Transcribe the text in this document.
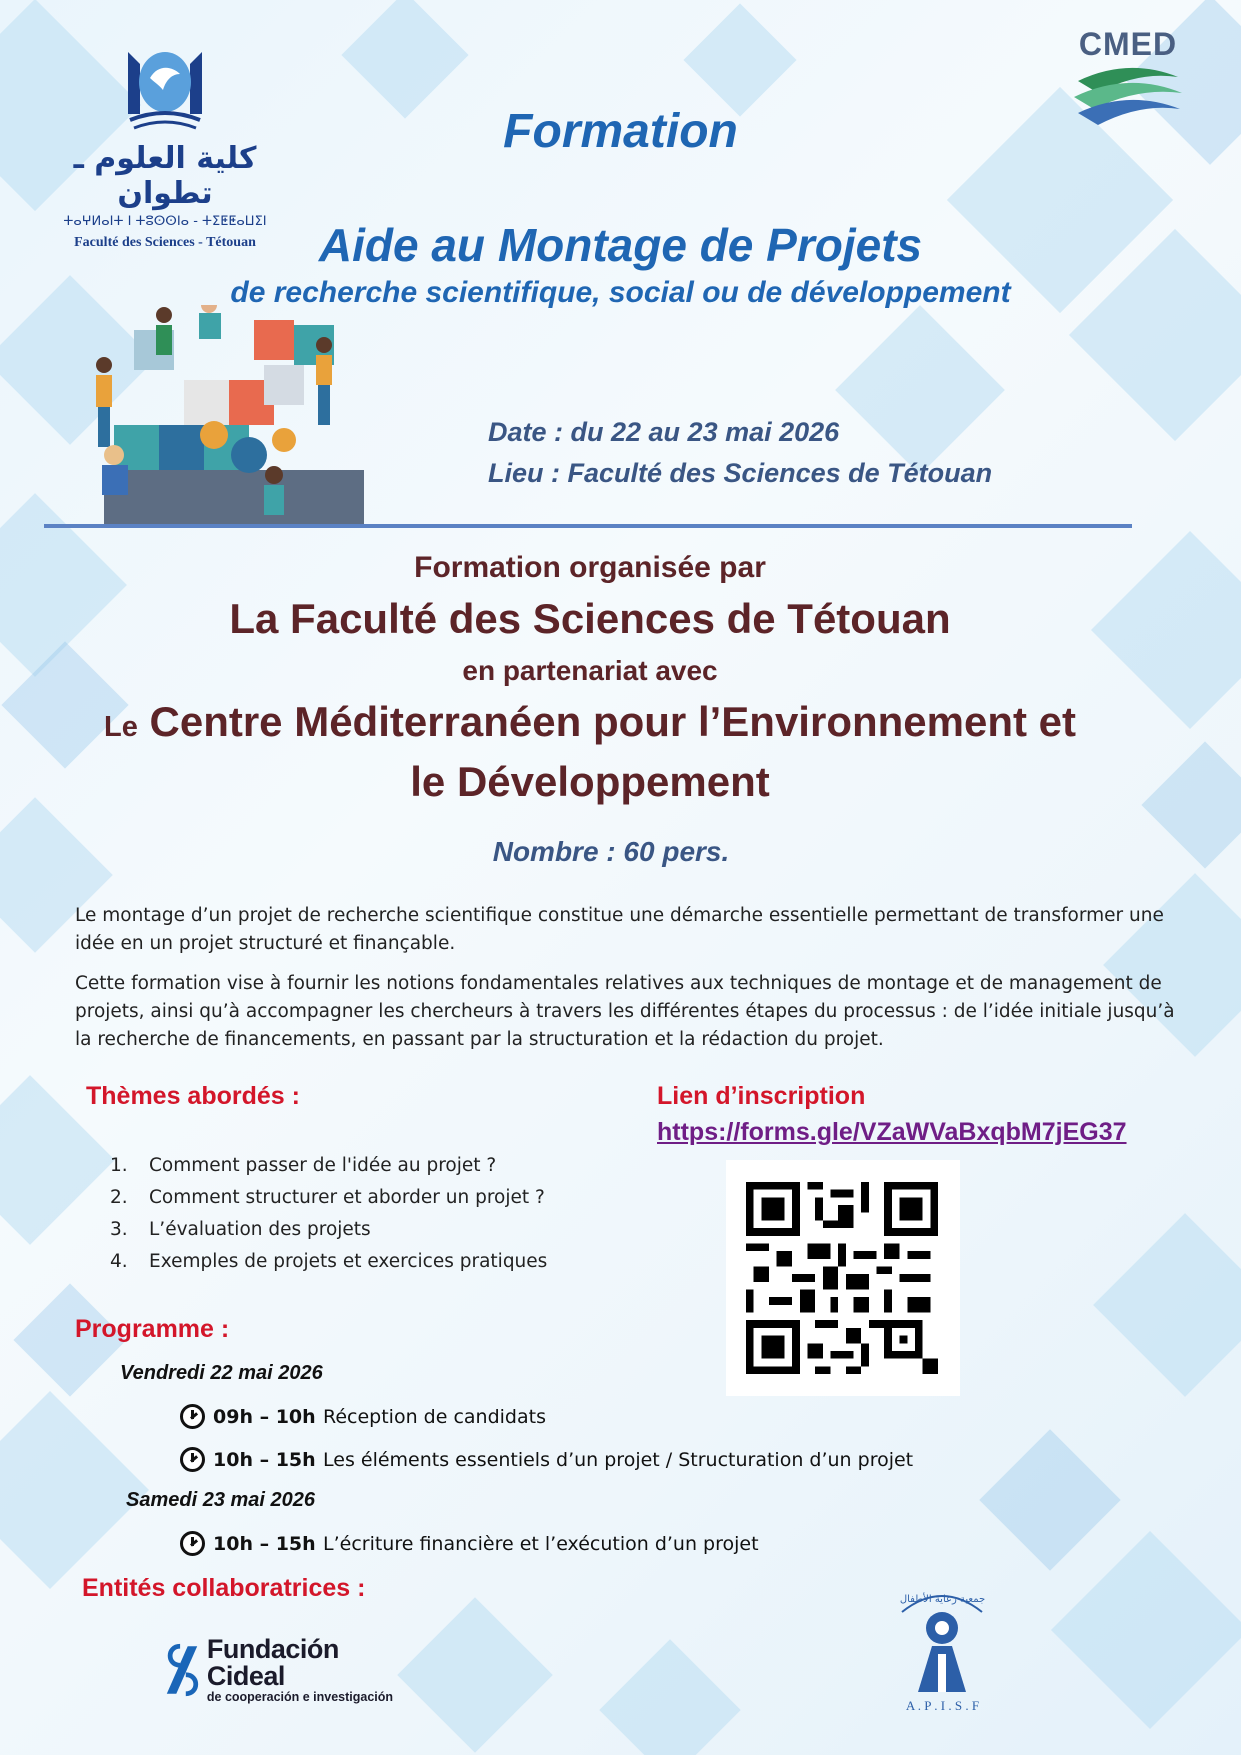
كلية العلوم ـ تطوان
ⵜⴰⵖⵍⴰⵏⵜ ⵏ ⵜⵓⵙⵙⵏⴰ - ⵜⵉⵟⵟⴰⵡⵉⵏ
Faculté des Sciences - Tétouan
CMED
Formation
Aide au Montage de Projets
de recherche scientifique, social ou de développement
Date : du 22 au 23 mai 2026
Lieu : Faculté des Sciences de Tétouan
Formation organisée par
La Faculté des Sciences de Tétouan
en partenariat avec
Le Centre Méditerranéen pour l’Environnement et
le Développement
Nombre : 60 pers.

Le montage d’un projet de recherche scientifique constitue une démarche essentielle permettant de transformer une idée en un projet structuré et finançable.

Cette formation vise à fournir les notions fondamentales relatives aux techniques de montage et de management de projets, ainsi qu’à accompagner les chercheurs à travers les différentes étapes du processus : de l’idée initiale jusqu’à la recherche de financements, en passant par la structuration et la rédaction du projet.

Thèmes abordés :
1. Comment passer de l'idée au projet ?
2. Comment structurer et aborder un projet ?
3. L’évaluation des projets
4. Exemples de projets et exercices pratiques
Lien d’inscription
https://forms.gle/VZaWVaBxqbM7jEG37
Programme :
Vendredi 22 mai 2026
09h – 10h Réception de candidats
10h – 15h Les éléments essentiels d’un projet / Structuration d’un projet
Samedi 23 mai 2026
10h – 15h L’écriture financière et l’exécution d’un projet
Entités collaboratrices :
Fundación Cideal
de cooperación e investigación
جمعية رعاية الأطفال
A . P . I . S . F
